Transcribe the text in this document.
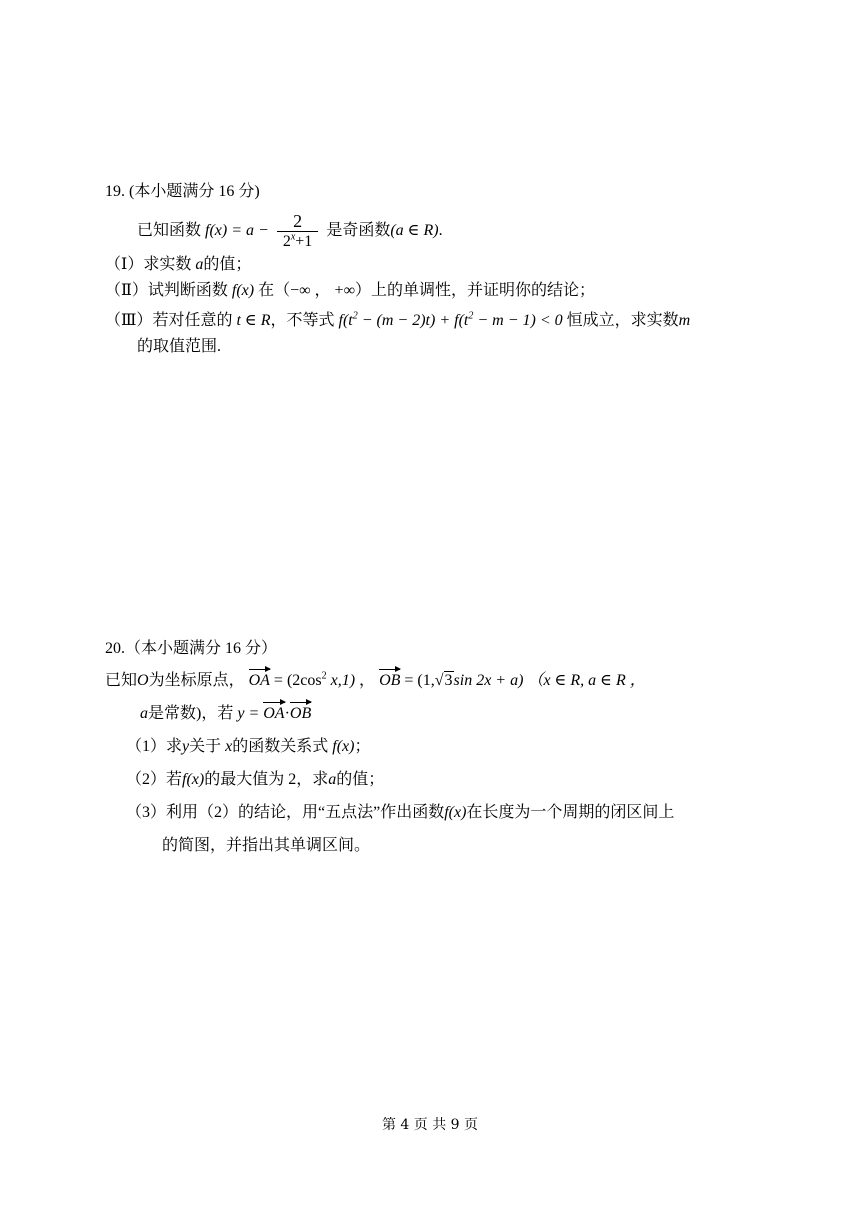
19. (本小题满分 16 分)
已知函数 $f(x) = a - \frac{2}{2^x+1}$ 是奇函数(a ∈ R).
（Ⅰ）求实数 a的值；
（Ⅱ）试判断函数 f(x) 在（−∞ ， +∞）上的单调性，并证明你的结论；
（Ⅲ）若对任意的 t ∈ R，不等式 $f(t^2 - (m - 2)t) + f(t^2 - m - 1) < 0$ 恒成立，求实数m
的取值范围.
20.（本小题满分 16 分）
已知O为坐标原点， OA = ($2\cos^2$ x,1) ， OB = (1,√3sin 2x + a) （x ∈ R, a ∈ R ，
a是常数)，若 y = OA·OB
（1）求y关于 x的函数关系式 f(x)；
（2）若f(x)的最大值为 2，求a的值；
（3）利用（2）的结论，用“五点法”作出函数f(x)在长度为一个周期的闭区间上
的简图，并指出其单调区间。
第 4 页 共 9 页
